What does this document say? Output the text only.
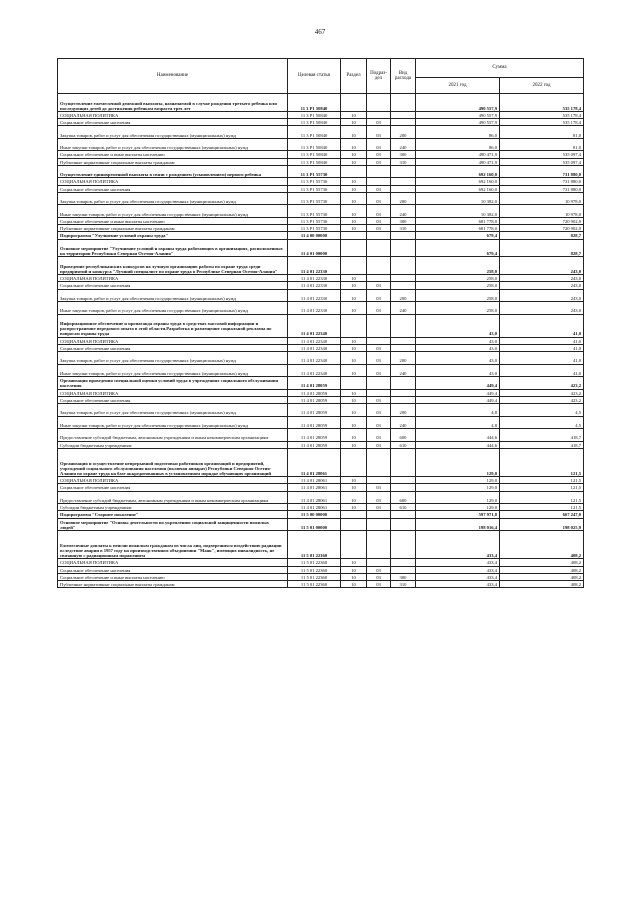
467
Наименование	Целевая статья	Раздел	Подраз-дел	Вид расхода	Сумма	
					2021 год	2022 год
Осуществление ежемесячной денежной выплаты, назначаемой в случае рождения третьего ребенка или последующих детей до достижения ребенком возраста трех лет	11 3 P1 50840				490 557,9	535 178,4
СОЦИАЛЬНАЯ ПОЛИТИКА	11 3 P1 50840	10			490 557,9	535 178,4
Социальное обеспечение населения	11 3 P1 50840	10	03		490 557,9	535 178,4
Закупка товаров, работ и услуг для обеспечения государственных (муниципальных) нужд	11 3 P1 50840	10	03	200	86,0	81,0
Иные закупки товаров, работ и услуг для обеспечения государственных (муниципальных) нужд	11 3 P1 50840	10	03	240	86,0	81,0
Социальное обеспечение и иные выплаты населению	11 3 P1 50840	10	03	300	490 471,9	535 097,4
Публичные нормативные социальные выплаты гражданам	11 3 P1 50840	10	03	310	490 471,9	535 097,4
Осуществление единовременной выплаты в связи с рождением (усыновлением) первого ребенка	11 3 P1 55730				692 160,0	731 880,0
СОЦИАЛЬНАЯ ПОЛИТИКА	11 3 P1 55730	10			692 160,0	731 880,0
Социальное обеспечение населения	11 3 P1 55730	10	03		692 160,0	731 880,0
Закупка товаров, работ и услуг для обеспечения государственных (муниципальных) нужд	11 3 P1 55730	10	03	200	10 382,0	10 978,0
Иные закупки товаров, работ и услуг для обеспечения государственных (муниципальных) нужд	11 3 P1 55730	10	03	240	10 382,0	10 978,0
Социальное обеспечение и иные выплаты населению	11 3 P1 55730	10	03	300	681 778,0	720 902,0
Публичные нормативные социальные выплаты гражданам	11 3 P1 55730	10	03	310	681 778,0	720 902,0
Подпрограмма "Улучшение условий охраны труда"	11 4 00 00000				679,4	828,7
Основное мероприятие "Улучшение условий и охраны труда работающих в организациях, расположенных на территории Республики Северная Осетия-Алания"	11 4 01 00000				679,4	828,7
Проведение республиканских конкурсов на лучшую организацию работы по охране труда среди предприятий и конкурса "Лучший специалист по охране труда в Республике Северная Осетия-Алания"	11 4 01 22330				258,0	243,0
СОЦИАЛЬНАЯ ПОЛИТИКА	11 4 01 22330	10			258,0	243,0
Социальное обеспечение населения	11 4 01 22330	10	03		258,0	243,0
Закупка товаров, работ и услуг для обеспечения государственных (муниципальных) нужд	11 4 01 22330	10	03	200	258,0	243,0
Иные закупки товаров, работ и услуг для обеспечения государственных (муниципальных) нужд	11 4 01 22330	10	03	240	258,0	243,0
Информационное обеспечение и пропаганда охраны труда в средствах массовой информации и распространение передового опыта в этой области.Разработка и размещение социальной рекламы по вопросам охраны труда	11 4 01 22340				43,0	41,0
СОЦИАЛЬНАЯ ПОЛИТИКА	11 4 01 22340	10			43,0	41,0
Социальное обеспечение населения	11 4 01 22340	10	03		43,0	41,0
Закупка товаров, работ и услуг для обеспечения государственных (муниципальных) нужд	11 4 01 22340	10	03	200	43,0	41,0
Иные закупки товаров, работ и услуг для обеспечения государственных (муниципальных) нужд	11 4 01 22340	10	03	240	43,0	41,0
Организация проведения специальной оценки условий труда в учреждениях социального обслуживания населения	11 4 01 28059				449,4	423,2
СОЦИАЛЬНАЯ ПОЛИТИКА	11 4 01 28059	10			449,4	423,2
Социальное обеспечение населения	11 4 01 28059	10	03		449,4	423,2
Закупка товаров, работ и услуг для обеспечения государственных (муниципальных) нужд	11 4 01 28059	10	03	200	4,8	4,5
Иные закупки товаров, работ и услуг для обеспечения государственных (муниципальных) нужд	11 4 01 28059	10	03	240	4,8	4,5
Предоставление субсидий бюджетным, автономным учреждениям и иным некоммерческим организациям	11 4 01 28059	10	03	600	444,6	418,7
Субсидии бюджетным учреждениям	11 4 01 28059	10	03	610	444,6	418,7
Организация и осуществление непрерывной подготовки работников организаций и предприятий, учреждений социального обслуживания населения (включая аппарат) Республики Северная Осетия-Алания по охране труда на базе аккредитованных в установленном порядке обучающих организаций	11 4 01 28061				129,0	121,5
СОЦИАЛЬНАЯ ПОЛИТИКА	11 4 01 28061	10			129,0	121,5
Социальное обеспечение населения	11 4 01 28061	10	03		129,0	121,5
Предоставление субсидий бюджетным, автономным учреждениям и иным некоммерческим организациям	11 4 01 28061	10	03	600	129,0	121,5
Субсидии бюджетным учреждениям	11 4 01 28061	10	03	610	129,0	121,5
Подпрограмма "Старшее поколение"	11 5 00 00000				597 971,8	667 247,0
Основное мероприятие "Основы деятельности по укреплению социальной защищенности пожилых людей"	11 5 01 00000				198 016,4	198 025,9
Ежемесячные доплаты к пенсии пожилым гражданам из числа лиц, подвергшихся воздействию радиации вследствие аварии в 1957 году на производственном объединении "Маяк", имеющих инвалидность, не связанную с радиационным поражением	11 5 01 22360				433,4	408,2
СОЦИАЛЬНАЯ ПОЛИТИКА	11 5 01 22360	10			433,4	408,2
Социальное обеспечение населения	11 5 01 22360	10	03		433,4	408,2
Социальное обеспечение и иные выплаты населению	11 5 01 22360	10	03	300	433,4	408,2
Публичные нормативные социальные выплаты гражданам	11 5 01 22360	10	03	310	433,4	408,2
